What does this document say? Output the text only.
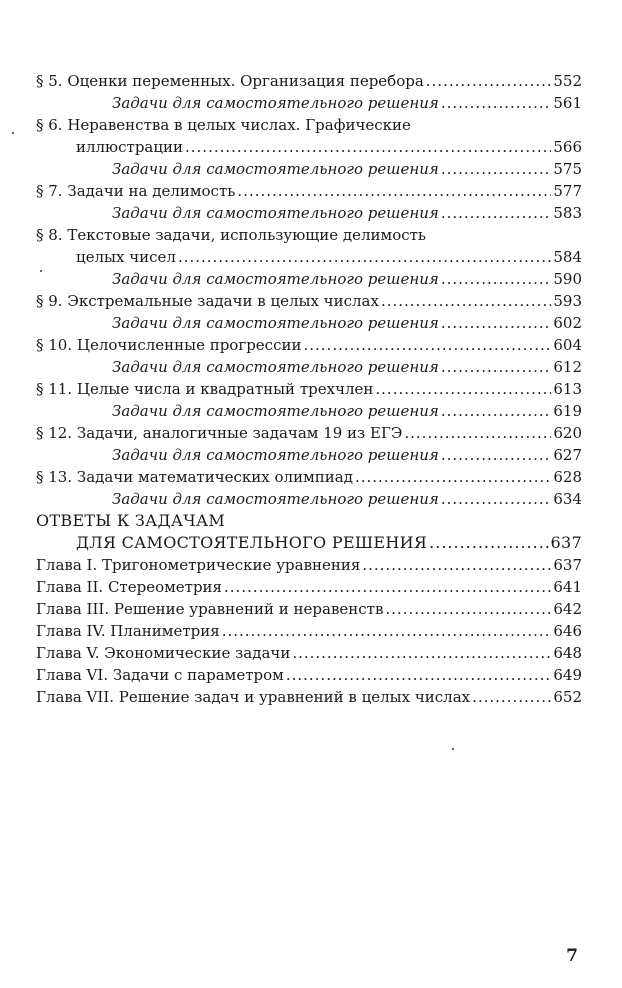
§ 5. Оценки переменных. Организация перебора .....	552
Задачи для самостоятельного решения .....	561
§ 6. Неравенства в целых числах. Графические
иллюстрации .....	566
Задачи для самостоятельного решения .....	575
§ 7. Задачи на делимость .....	577
Задачи для самостоятельного решения .....	583
§ 8. Текстовые задачи, использующие делимость
целых чисел .....	584
Задачи для самостоятельного решения .....	590
§ 9. Экстремальные задачи в целых числах .....	593
Задачи для самостоятельного решения .....	602
§ 10. Целочисленные прогрессии .....	604
Задачи для самостоятельного решения .....	612
§ 11. Целые числа и квадратный трехчлен .....	613
Задачи для самостоятельного решения .....	619
§ 12. Задачи, аналогичные задачам 19 из ЕГЭ .....	620
Задачи для самостоятельного решения .....	627
§ 13. Задачи математических олимпиад .....	628
Задачи для самостоятельного решения .....	634
ОТВЕТЫ К ЗАДАЧАМ
ДЛЯ САМОСТОЯТЕЛЬНОГО РЕШЕНИЯ .....	637
Глава I. Тригонометрические уравнения .....	637
Глава II. Стереометрия .....	641
Глава III. Решение уравнений и неравенств .....	642
Глава IV. Планиметрия .....	646
Глава V. Экономические задачи .....	648
Глава VI. Задачи с параметром .....	649
Глава VII. Решение задач и уравнений в целых числах .....	652
7
